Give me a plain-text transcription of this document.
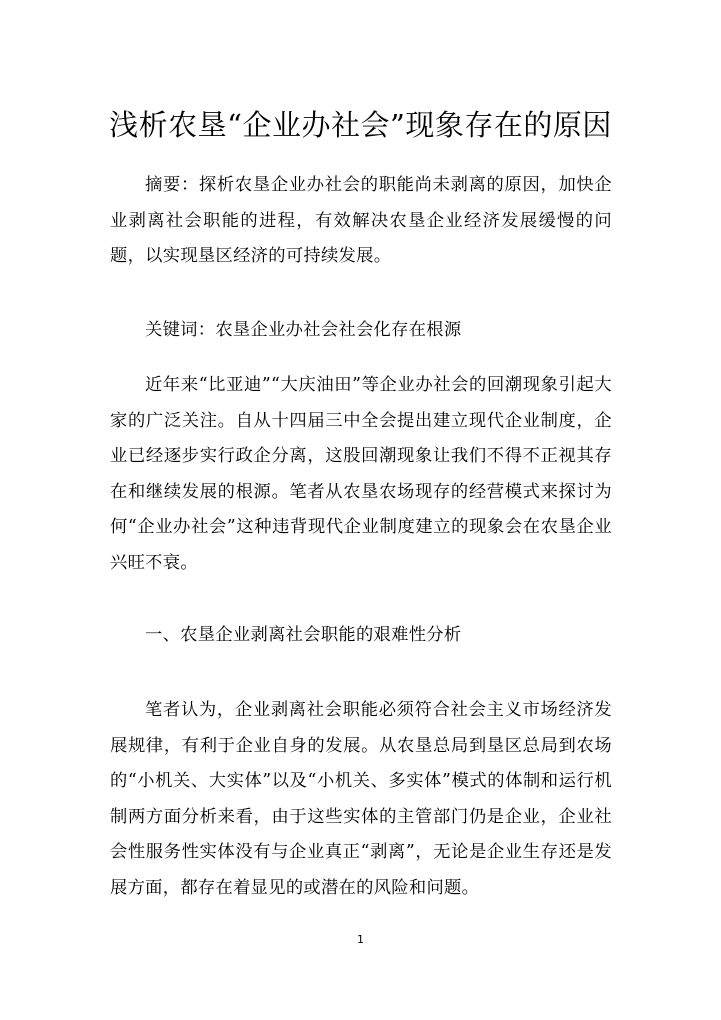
浅析农垦“企业办社会”现象存在的原因

摘要：探析农垦企业办社会的职能尚未剥离的原因，加快企业剥离社会职能的进程，有效解决农垦企业经济发展缓慢的问题，以实现垦区经济的可持续发展。

关键词：农垦企业办社会社会化存在根源

近年来“比亚迪”“大庆油田”等企业办社会的回潮现象引起大家的广泛关注。自从十四届三中全会提出建立现代企业制度，企业已经逐步实行政企分离，这股回潮现象让我们不得不正视其存在和继续发展的根源。笔者从农垦农场现存的经营模式来探讨为何“企业办社会”这种违背现代企业制度建立的现象会在农垦企业兴旺不衰。

一、农垦企业剥离社会职能的艰难性分析

笔者认为，企业剥离社会职能必须符合社会主义市场经济发展规律，有利于企业自身的发展。从农垦总局到垦区总局到农场的“小机关、大实体”以及“小机关、多实体”模式的体制和运行机制两方面分析来看，由于这些实体的主管部门仍是企业，企业社会性服务性实体没有与企业真正“剥离”，无论是企业生存还是发展方面，都存在着显见的或潜在的风险和问题。

1
